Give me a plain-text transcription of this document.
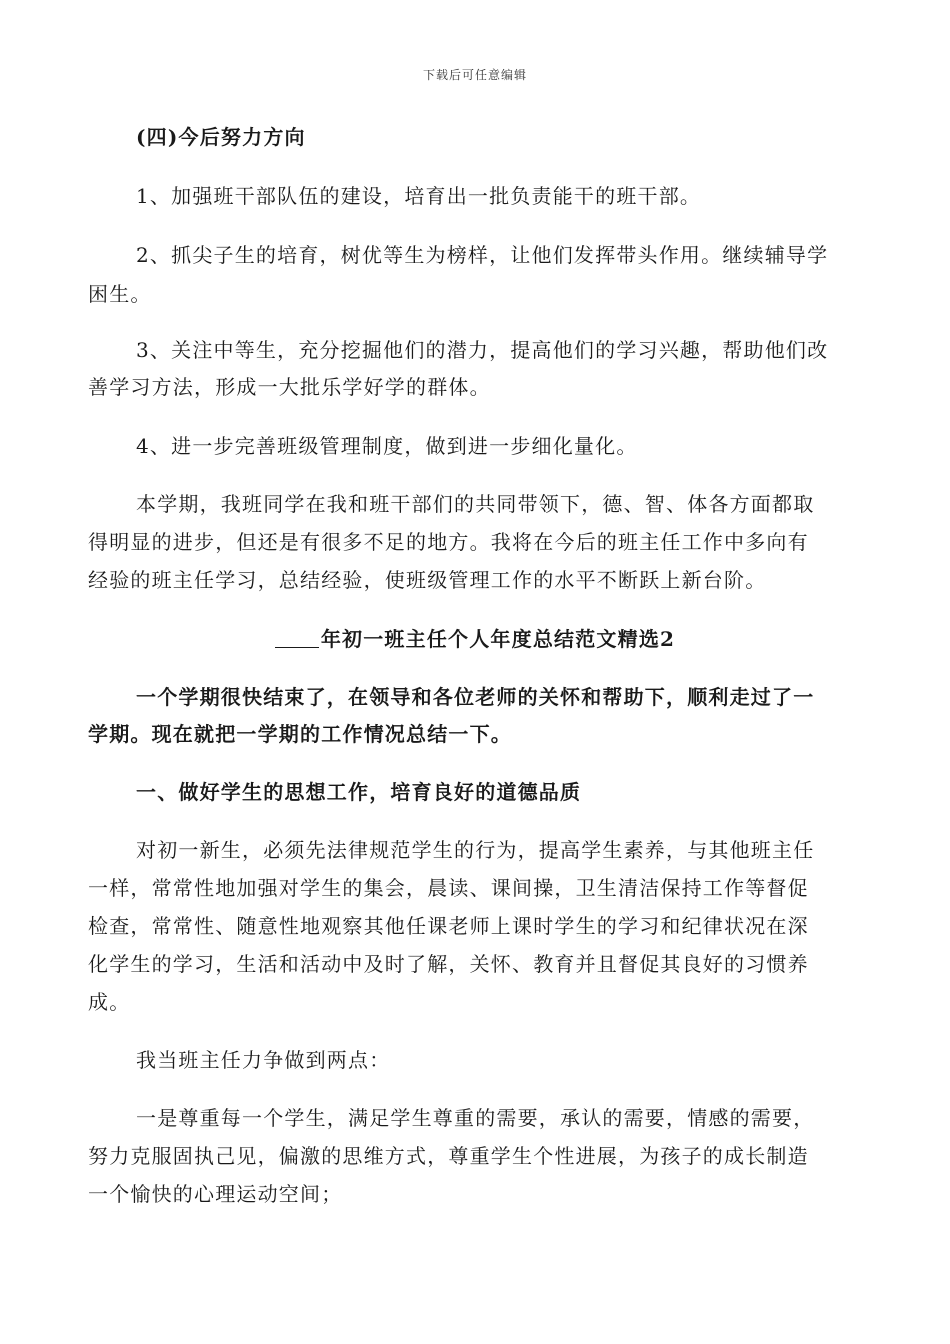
下载后可任意编辑
(四)今后努力方向
1、加强班干部队伍的建设，培育出一批负责能干的班干部。
2、抓尖子生的培育，树优等生为榜样，让他们发挥带头作用。继续辅导学
困生。
3、关注中等生，充分挖掘他们的潜力，提高他们的学习兴趣，帮助他们改
善学习方法，形成一大批乐学好学的群体。
4、进一步完善班级管理制度，做到进一步细化量化。
本学期，我班同学在我和班干部们的共同带领下，德、智、体各方面都取
得明显的进步，但还是有很多不足的地方。我将在今后的班主任工作中多向有
经验的班主任学习，总结经验，使班级管理工作的水平不断跃上新台阶。
年初一班主任个人年度总结范文精选2
一个学期很快结束了，在领导和各位老师的关怀和帮助下，顺利走过了一
学期。现在就把一学期的工作情况总结一下。
一、做好学生的思想工作，培育良好的道德品质
对初一新生，必须先法律规范学生的行为，提高学生素养，与其他班主任
一样，常常性地加强对学生的集会，晨读、课间操，卫生清洁保持工作等督促
检查，常常性、随意性地观察其他任课老师上课时学生的学习和纪律状况在深
化学生的学习，生活和活动中及时了解，关怀、教育并且督促其良好的习惯养
成。
我当班主任力争做到两点：
一是尊重每一个学生，满足学生尊重的需要，承认的需要，情感的需要，
努力克服固执己见，偏激的思维方式，尊重学生个性进展，为孩子的成长制造
一个愉快的心理运动空间；
